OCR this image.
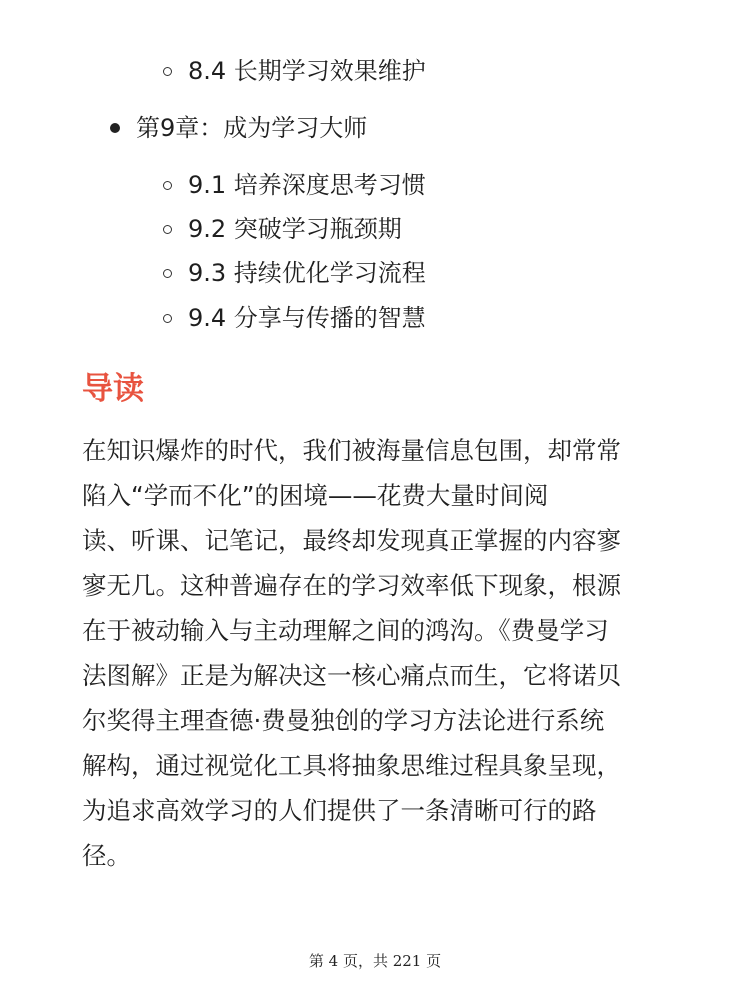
8.4 长期学习效果维护
第9章：成为学习大师
9.1 培养深度思考习惯
9.2 突破学习瓶颈期
9.3 持续优化学习流程
9.4 分享与传播的智慧
导读
在知识爆炸的时代，我们被海量信息包围，却常常
陷入“学而不化”的困境——花费大量时间阅
读、听课、记笔记，最终却发现真正掌握的内容寥
寥无几。这种普遍存在的学习效率低下现象，根源
在于被动输入与主动理解之间的鸿沟。《费曼学习
法图解》正是为解决这一核心痛点而生，它将诺贝
尔奖得主理查德·费曼独创的学习方法论进行系统
解构，通过视觉化工具将抽象思维过程具象呈现，
为追求高效学习的人们提供了一条清晰可行的路
径。
第 4 页，共 221 页
